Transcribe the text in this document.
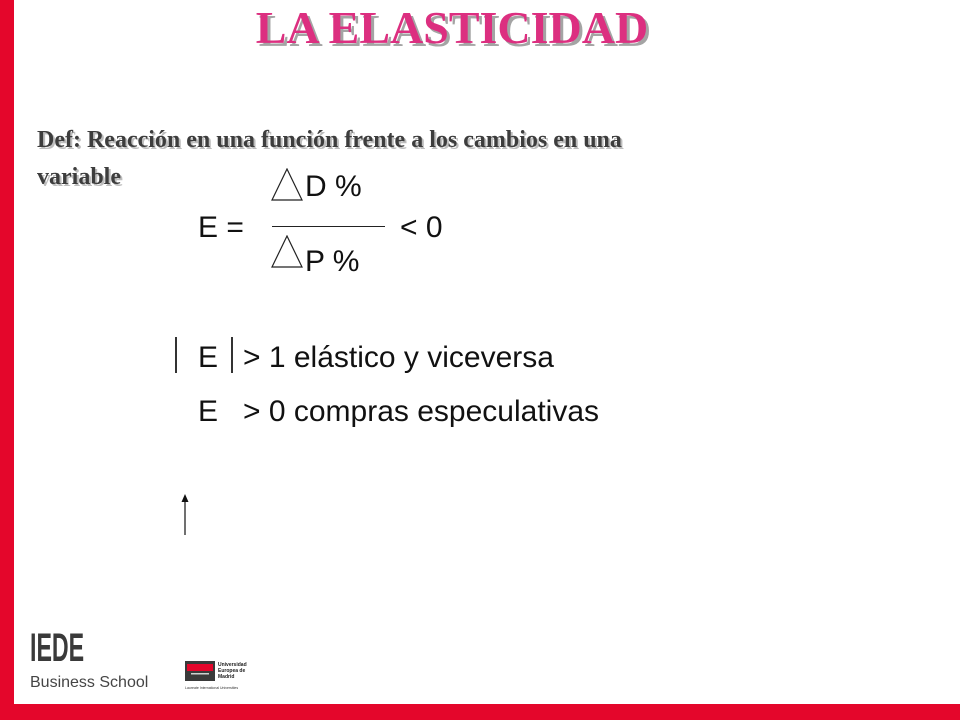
LA ELASTICIDAD
Def: Reacción en una función frente a los cambios en una
variable
E =
D %
P %
< 0
E > 1 elástico y viceversa
E > 0 compras especulativas
IEDE
Business School
Universidad Europea de Madrid
Laureate International Universities
